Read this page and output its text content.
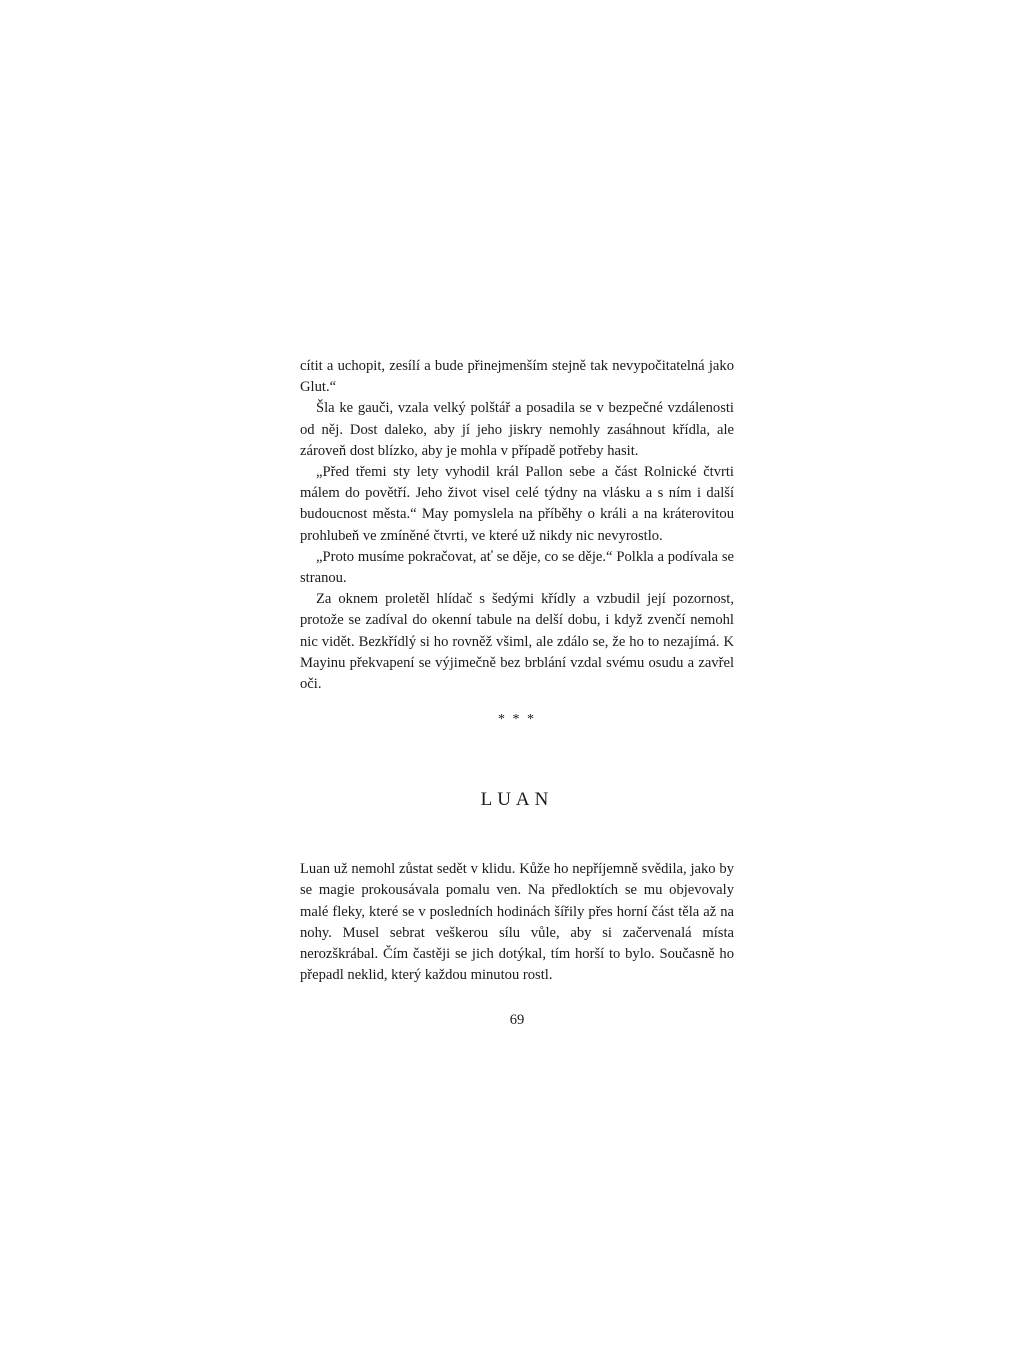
cítit a uchopit, zesílí a bude přinejmenším stejně tak nevypočitatelná jako Glut.“

Šla ke gauči, vzala velký polštář a posadila se v bezpečné vzdálenosti od něj. Dost daleko, aby jí jeho jiskry nemohly zasáhnout křídla, ale zároveň dost blízko, aby je mohla v případě potřeby hasit.

„Před třemi sty lety vyhodil král Pallon sebe a část Rolnické čtvrti málem do povětří. Jeho život visel celé týdny na vlásku a s ním i další budoucnost města.“ May pomyslela na příběhy o králi a na kráterovitou prohlubeň ve zmíněné čtvrti, ve které už nikdy nic nevyrostlo.

„Proto musíme pokračovat, ať se děje, co se děje.“ Polkla a podívala se stranou.

Za oknem proletěl hlídač s šedými křídly a vzbudil její pozornost, protože se zadíval do okenní tabule na delší dobu, i když zvenčí nemohl nic vidět. Bezkřídlý si ho rovněž všiml, ale zdálo se, že ho to nezajímá. K Mayinu překvapení se výjimečně bez brblání vzdal svému osudu a zavřel oči.

* * *
LUAN

Luan už nemohl zůstat sedět v klidu. Kůže ho nepříjemně svědila, jako by se magie prokousávala pomalu ven. Na předloktích se mu objevovaly malé fleky, které se v posledních hodinách šířily přes horní část těla až na nohy. Musel sebrat veškerou sílu vůle, aby si začervenalá místa nerozškrábal. Čím častěji se jich dotýkal, tím horší to bylo. Současně ho přepadl neklid, který každou minutou rostl.

69
